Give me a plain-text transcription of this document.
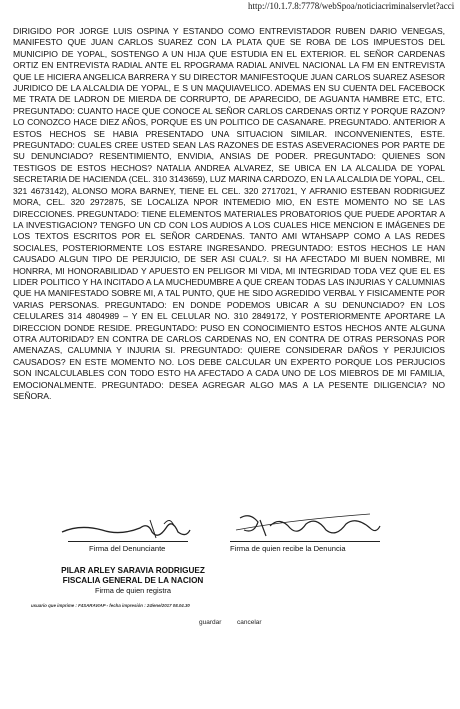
http://10.1.7.8:7778/webSpoa/noticiacriminalservlet?acci
DIRIGIDO POR JORGE LUIS OSPINA Y ESTANDO COMO ENTREVISTADOR RUBEN DARIO VENEGAS, MANIFESTO QUE JUAN CARLOS SUAREZ CON LA PLATA QUE SE ROBA DE LOS IMPUESTOS DEL MUNICIPIO DE YOPAL, SOSTENGO A UN HIJA QUE ESTUDIA EN EL EXTERIOR. EL SEÑOR CARDENAS ORTIZ EN ENTREVISTA RADIAL ANTE EL RPOGRAMA RADIAL ANIVEL NACIONAL LA FM EN ENTREVISTA QUE LE HICIERA ANGELICA BARRERA Y SU DIRECTOR MANIFESTOQUE JUAN CARLOS SUAREZ ASESOR JURIDICO DE LA ALCALDIA DE YOPAL, E S UN MAQUIAVELICO. ADEMAS EN SU CUENTA DEL FACEBOCK ME TRATA DE LADRON DE MIERDA DE CORRUPTO, DE APARECIDO, DE AGUANTA HAMBRE ETC, ETC. PREGUNTADO: CUANTO HACE QUE CONOCE AL SEÑOR CARLOS CARDENAS ORTIZ Y PORQUE RAZON? LO CONOZCO HACE DIEZ AÑOS, PORQUE ES UN POLITICO DE CASANARE. PREGUNTADO. ANTERIOR A ESTOS HECHOS SE HABIA PRESENTADO UNA SITUACION SIMILAR. INCONVENIENTES, ESTE. PREGUNTADO: CUALES CREE USTED SEAN LAS RAZONES DE ESTAS ASEVERACIONES POR PARTE DE SU DENUNCIADO? RESENTIMIENTO, ENVIDIA, ANSIAS DE PODER. PREGUNTADO: QUIENES SON TESTIGOS DE ESTOS HECHOS? NATALIA ANDREA ALVAREZ, SE UBICA EN LA ALCALIDA DE YOPAL SECRETARIA DE HACIENDA (CEL. 310 3143659), LUZ MARINA CARDOZO, EN LA ALCALDIA DE YOPAL, CEL. 321 4673142), ALONSO MORA BARNEY, TIENE EL CEL. 320 2717021, Y AFRANIO ESTEBAN RODRIGUEZ MORA, CEL. 320 2972875, SE LOCALIZA NPOR INTEMEDIO MIO, EN ESTE MOMENTO NO SE LAS DIRECCIONES. PREGUNTADO: TIENE ELEMENTOS MATERIALES PROBATORIOS QUE PUEDE APORTAR A LA INVESTIGACION? TENGFO UN CD CON LOS AUDIOS A LOS CUALES HICE MENCION E IMÁGENES DE LOS TEXTOS ESCRITOS POR EL SEÑOR CARDENAS. TANTO AMI WTAHSAPP COMO A LAS REDES SOCIALES, POSTERIORMENTE LOS ESTARE INGRESANDO. PREGUNTADO: ESTOS HECHOS LE HAN CAUSADO ALGUN TIPO DE PERJUICIO, DE SER ASI CUAL?. SI HA AFECTADO MI BUEN NOMBRE, MI HONRRA, MI HONORABILIDAD Y APUESTO EN PELIGOR MI VIDA, MI INTEGRIDAD TODA VEZ QUE EL ES LIDER POLITICO Y HA INCITADO A LA MUCHEDUMBRE A QUE CREAN TODAS LAS INJURIAS Y CALUMNIAS QUE HA MANIFESTADO SOBRE MI, A TAL PUNTO, QUE HE SIDO AGREDIDO VERBAL Y FISICAMENTE POR VARIAS PERSONAS. PREGUNTADO: EN DONDE PODEMOS UBICAR A SU DENUNCIADO? EN LOS CELULARES 314 4804989 – Y EN EL CELULAR NO. 310 2849172, Y POSTERIORMENTE APORTARE LA DIRECCION DONDE RESIDE. PREGUNTADO: PUSO EN CONOCIMIENTO ESTOS HECHOS ANTE ALGUNA OTRA AUTORIDAD? EN CONTRA DE CARLOS CARDENAS NO, EN CONTRA DE OTRAS PERSONAS POR AMENAZAS, CALUMNIA Y INJURIA SI. PREGUNTADO: QUIERE CONSIDERAR DAÑOS Y PERJUICIOS CAUSADOS? EN ESTE MOMENTO NO. LOS DEBE CALCULAR UN EXPERTO PORQUE LOS PERJUCIOS SON INCALCULABLES CON TODO ESTO HA AFECTADO A CADA UNO DE LOS MIEBROS DE MI FAMILIA, EMOCIONALMENTE. PREGUNTADO: DESEA AGREGAR ALGO MAS A LA PESENTE DILIGENCIA? NO SEÑORA.
Firma del Denunciante	Firma de quien recibe la Denuncia
PILAR ARLEY SARAVIA RODRIGUEZ
FISCALIA GENERAL DE LA NACION
Firma de quien registra
usuario que imprime : F4SARAVIAP - fecha impresión : 24/ene/2017 08.04.30
guardar cancelar
